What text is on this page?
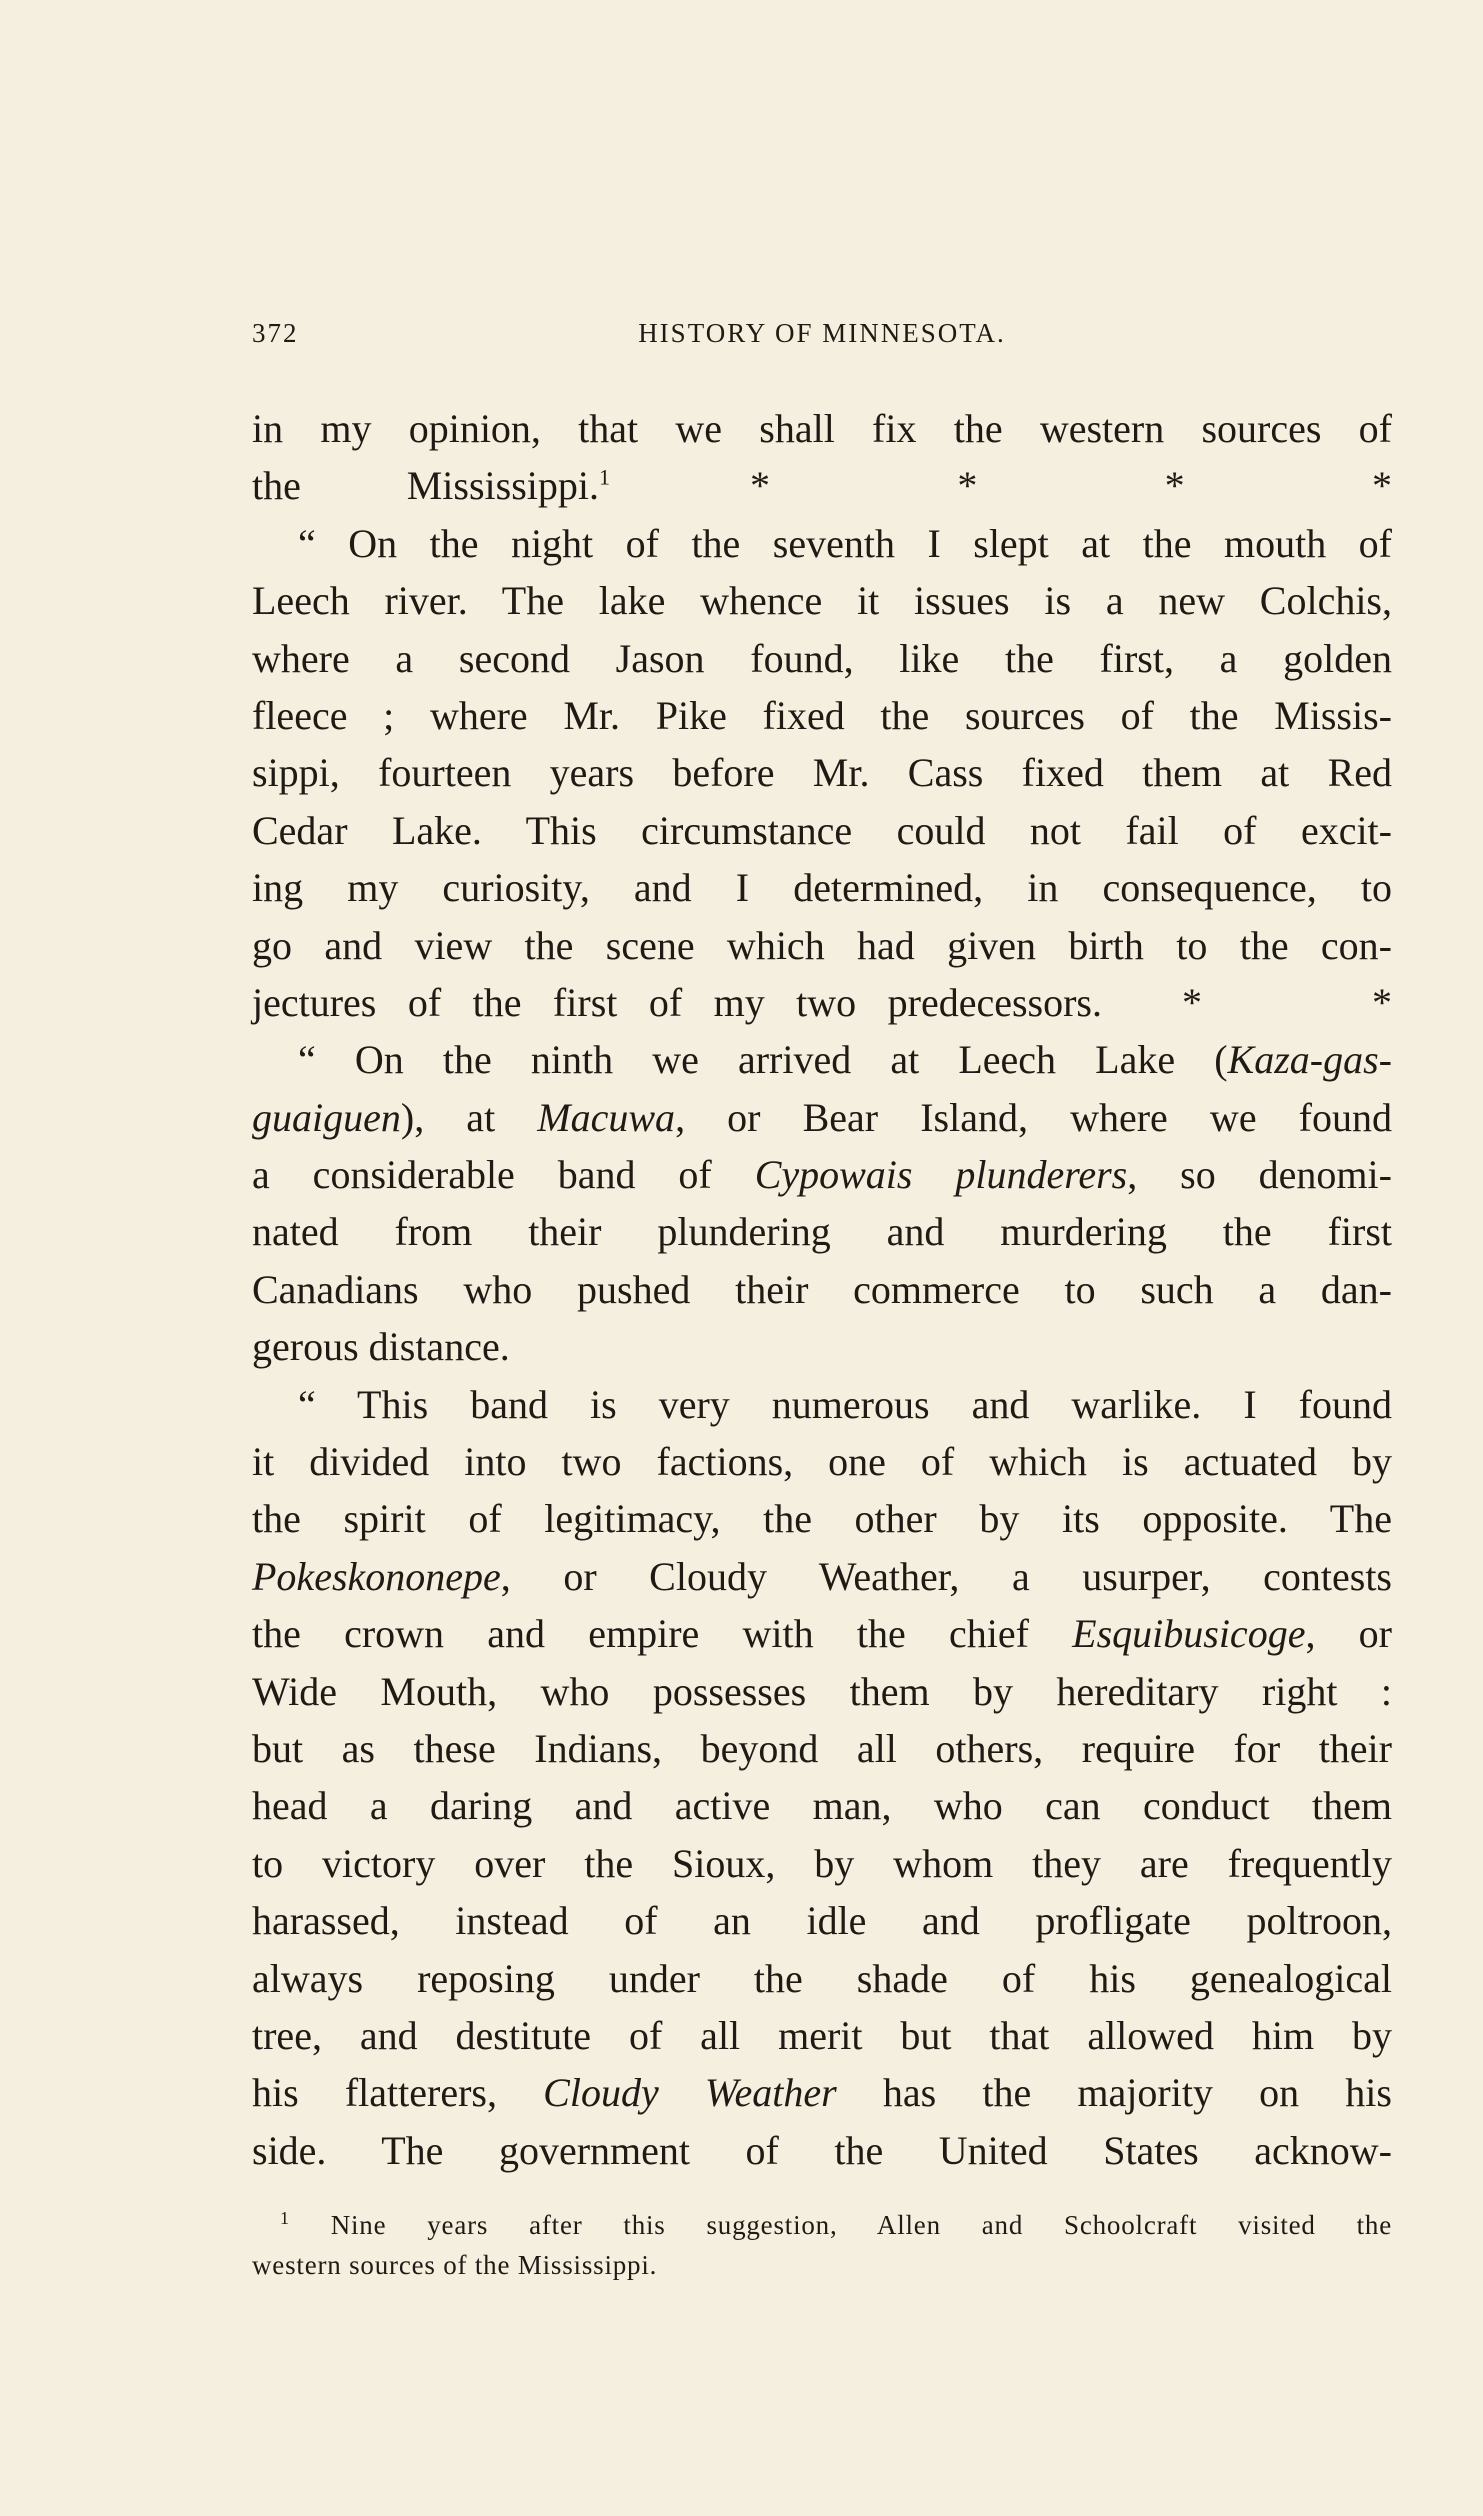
372	HISTORY OF MINNESOTA.
in my opinion, that we shall fix the western sources of
the Mississippi.$^1$	*          *          *          *
“ On the night of the seventh I slept at the mouth of
Leech river. The lake whence it issues is a new Colchis,
where a second Jason found, like the first, a golden
fleece ; where Mr. Pike fixed the sources of the Missis-
sippi, fourteen years before Mr. Cass fixed them at Red
Cedar Lake. This circumstance could not fail of excit-
ing my curiosity, and I determined, in consequence, to
go and view the scene which had given birth to the con-
jectures of the first of my two predecessors. *          *
“ On the ninth we arrived at Leech Lake (Kaza-gas-
guaiguen), at Macuwa, or Bear Island, where we found
a considerable band of Cypowais plunderers, so denomi-
nated from their plundering and murdering the first
Canadians who pushed their commerce to such a dan-
gerous distance.
“ This band is very numerous and warlike. I found
it divided into two factions, one of which is actuated by
the spirit of legitimacy, the other by its opposite. The
Pokeskononepe, or Cloudy Weather, a usurper, contests
the crown and empire with the chief Esquibusicoge, or
Wide Mouth, who possesses them by hereditary right :
but as these Indians, beyond all others, require for their
head a daring and active man, who can conduct them
to victory over the Sioux, by whom they are frequently
harassed, instead of an idle and profligate poltroon,
always reposing under the shade of his genealogical
tree, and destitute of all merit but that allowed him by
his flatterers, Cloudy Weather has the majority on his
side. The government of the United States acknow-
$^1$ Nine years after this suggestion, Allen and Schoolcraft visited the
western sources of the Mississippi.
